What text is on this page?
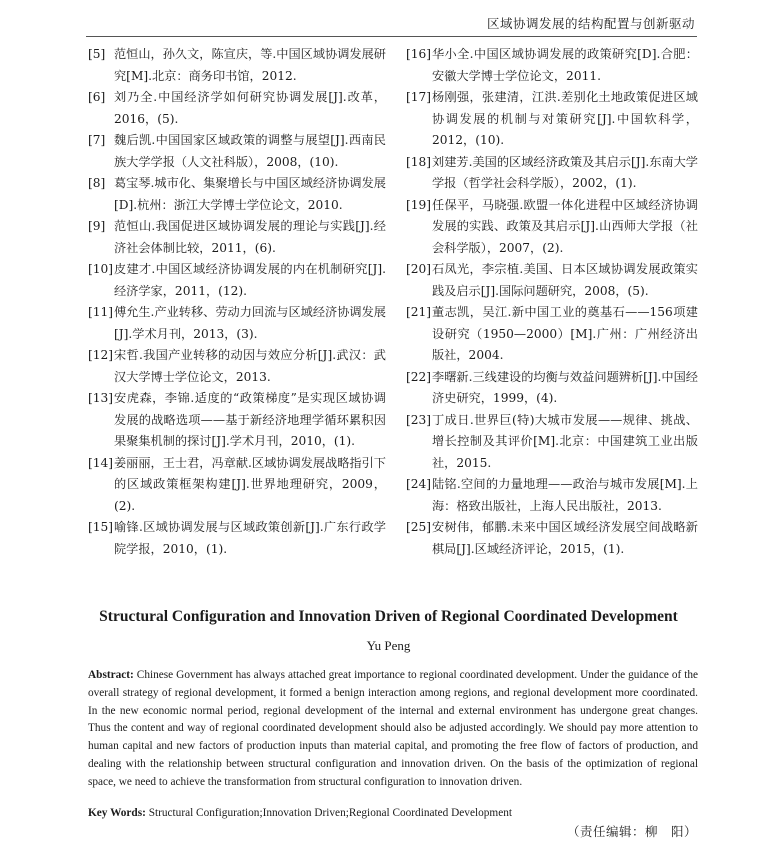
区域协调发展的结构配置与创新驱动
[5] 范恒山，孙久文，陈宣庆，等.中国区域协调发展研究[M].北京：商务印书馆，2012.
[6] 刘乃全.中国经济学如何研究协调发展[J].改革，2016，(5).
[7] 魏后凯.中国国家区域政策的调整与展望[J].西南民族大学学报（人文社科版），2008，(10).
[8] 葛宝琴.城市化、集聚增长与中国区域经济协调发展[D].杭州：浙江大学博士学位论文，2010.
[9] 范恒山.我国促进区域协调发展的理论与实践[J].经济社会体制比较，2011，(6).
[10] 皮建才.中国区域经济协调发展的内在机制研究[J].经济学家，2011，(12).
[11] 傅允生.产业转移、劳动力回流与区域经济协调发展[J].学术月刊，2013，(3).
[12] 宋哲.我国产业转移的动因与效应分析[J].武汉：武汉大学博士学位论文，2013.
[13] 安虎森，李锦.适度的“政策梯度”是实现区域协调发展的战略选项——基于新经济地理学循环累积因果聚集机制的探讨[J].学术月刊，2010，(1).
[14] 姜丽丽，王士君，冯章献.区域协调发展战略指引下的区域政策框架构建[J].世界地理研究，2009，(2).
[15] 喻锋.区域协调发展与区域政策创新[J].广东行政学院学报，2010，(1).
[16] 华小全.中国区域协调发展的政策研究[D].合肥：安徽大学博士学位论文，2011.
[17] 杨刚强，张建清，江洪.差别化土地政策促进区域协调发展的机制与对策研究[J].中国软科学，2012，(10).
[18] 刘建芳.美国的区域经济政策及其启示[J].东南大学学报（哲学社会科学版），2002，(1).
[19] 任保平，马晓强.欧盟一体化进程中区域经济协调发展的实践、政策及其启示[J].山西师大学报（社会科学版），2007，(2).
[20] 石凤光，李宗植.美国、日本区域协调发展政策实践及启示[J].国际问题研究，2008，(5).
[21] 董志凯，吴江.新中国工业的奠基石——156项建设研究（1950—2000）[M].广州：广州经济出版社，2004.
[22] 李曙新.三线建设的均衡与效益问题辨析[J].中国经济史研究，1999，(4).
[23] 丁成日.世界巨(特)大城市发展——规律、挑战、增长控制及其评价[M].北京：中国建筑工业出版社，2015.
[24] 陆铭.空间的力量地理——政治与城市发展[M].上海：格致出版社，上海人民出版社，2013.
[25] 安树伟，郁鹏.未来中国区域经济发展空间战略新棋局[J].区域经济评论，2015，(1).
Structural Configuration and Innovation Driven of Regional Coordinated Development
Yu Peng
Abstract: Chinese Government has always attached great importance to regional coordinated development. Under the guidance of the overall strategy of regional development, it formed a benign interaction among regions, and regional development more coordinated. In the new economic normal period, regional development of the internal and external environment has undergone great changes. Thus the content and way of regional coordinated development should also be adjusted accordingly. We should pay more attention to human capital and new factors of production inputs than material capital, and promoting the free flow of factors of production, and dealing with the relationship between structural configuration and innovation driven. On the basis of the optimization of regional space, we need to achieve the transformation from structural configuration to innovation driven.
Key Words: Structural Configuration;Innovation Driven;Regional Coordinated Development
（责任编辑：柳　阳）
